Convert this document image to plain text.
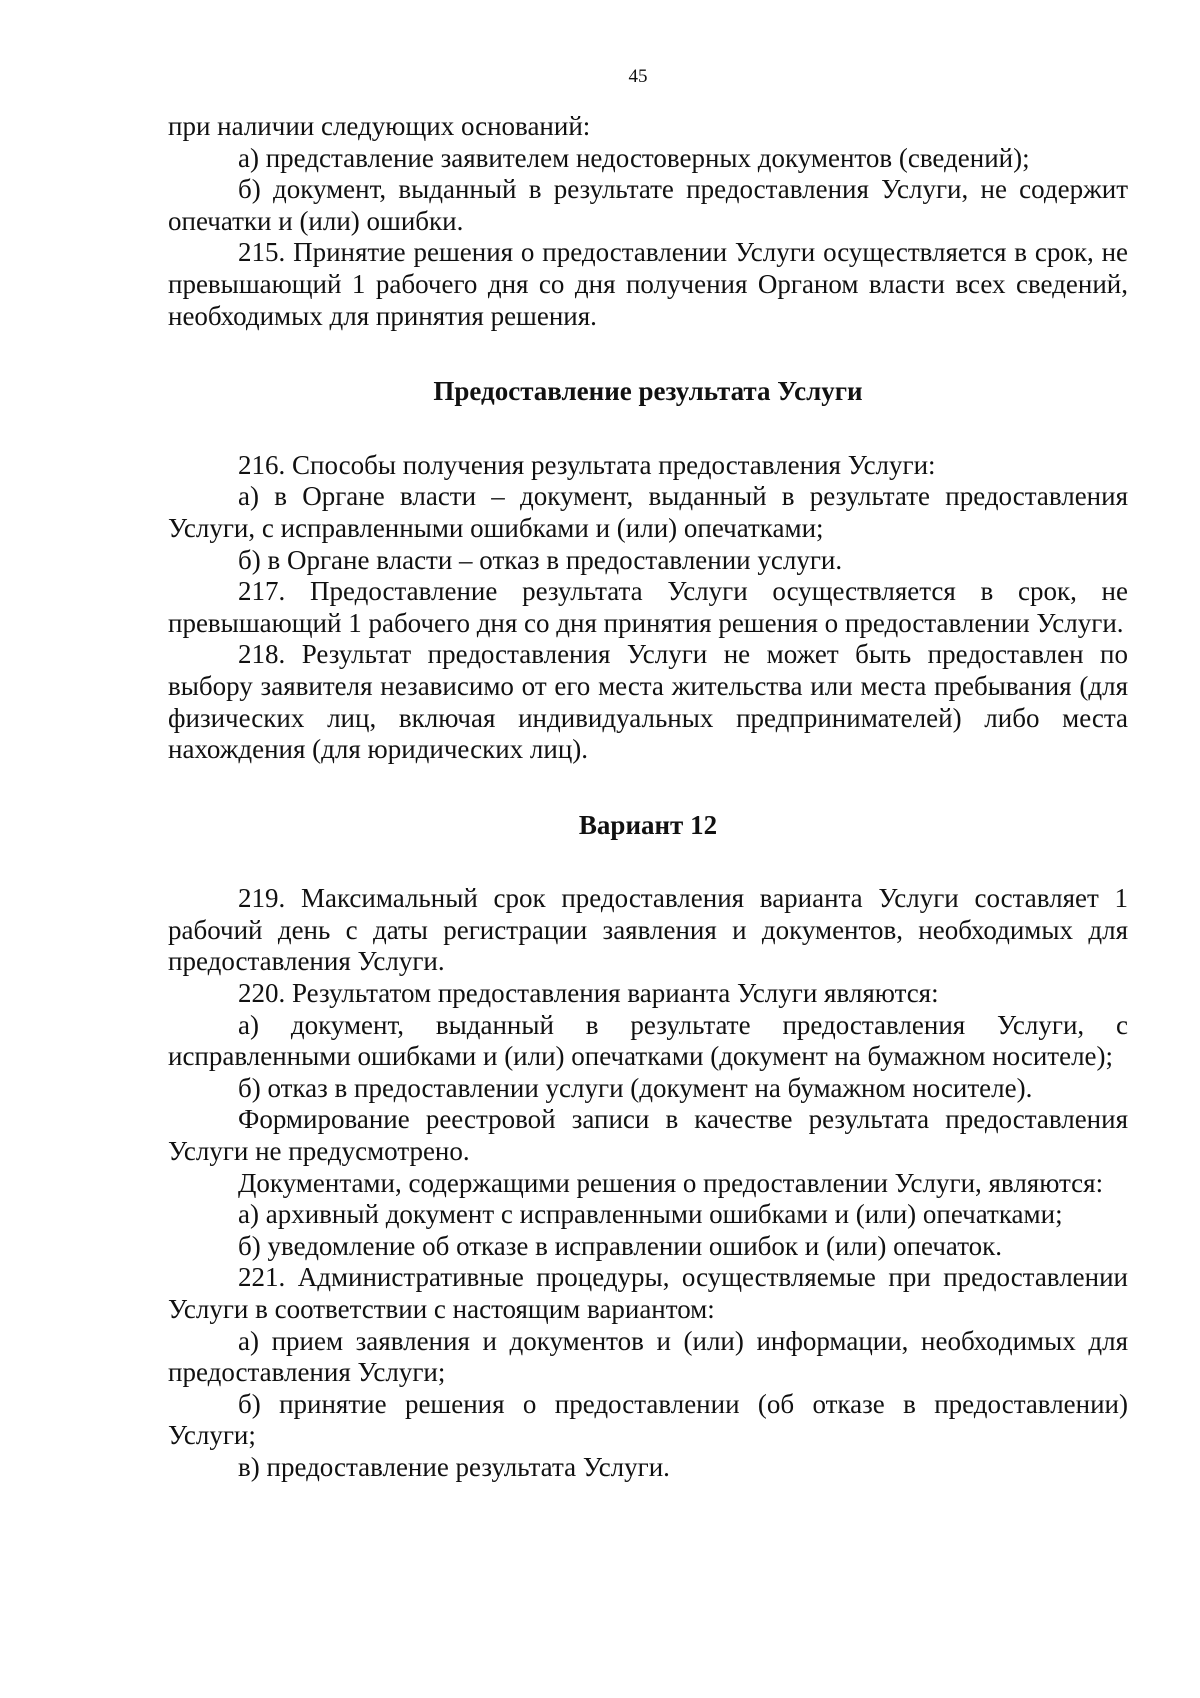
45

при наличии следующих оснований:

а) представление заявителем недостоверных документов (сведений);

б) документ, выданный в результате предоставления Услуги, не содержит опечатки и (или) ошибки.

215. Принятие решения о предоставлении Услуги осуществляется в срок, не превышающий 1 рабочего дня со дня получения Органом власти всех сведений, необходимых для принятия решения.

Предоставление результата Услуги

216. Способы получения результата предоставления Услуги:

а) в Органе власти – документ, выданный в результате предоставления Услуги, с исправленными ошибками и (или) опечатками;

б) в Органе власти – отказ в предоставлении услуги.

217. Предоставление результата Услуги осуществляется в срок, не превышающий 1 рабочего дня со дня принятия решения о предоставлении Услуги.

218. Результат предоставления Услуги не может быть предоставлен по выбору заявителя независимо от его места жительства или места пребывания (для физических лиц, включая индивидуальных предпринимателей) либо места нахождения (для юридических лиц).

Вариант 12

219. Максимальный срок предоставления варианта Услуги составляет 1 рабочий день с даты регистрации заявления и документов, необходимых для предоставления Услуги.

220. Результатом предоставления варианта Услуги являются:

а) документ, выданный в результате предоставления Услуги, с исправленными ошибками и (или) опечатками (документ на бумажном носителе);

б) отказ в предоставлении услуги (документ на бумажном носителе).

Формирование реестровой записи в качестве результата предоставления Услуги не предусмотрено.

Документами, содержащими решения о предоставлении Услуги, являются:

а) архивный документ с исправленными ошибками и (или) опечатками;

б) уведомление об отказе в исправлении ошибок и (или) опечаток.

221. Административные процедуры, осуществляемые при предоставлении Услуги в соответствии с настоящим вариантом:

а) прием заявления и документов и (или) информации, необходимых для предоставления Услуги;

б) принятие решения о предоставлении (об отказе в предоставлении) Услуги;

в) предоставление результата Услуги.
